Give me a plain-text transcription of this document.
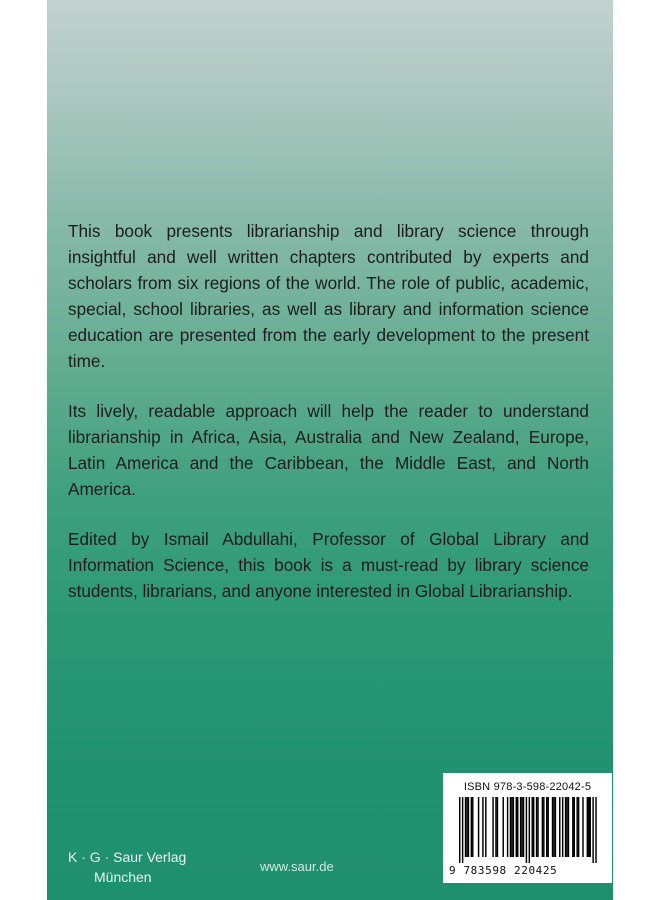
This book presents librarianship and library science through insightful and well written chapters contributed by experts and scholars from six regions of the world. The role of public, academic, special, school libraries, as well as library and information science education are presented from the early development to the present time.

Its lively, readable approach will help the reader to understand librarianship in Africa, Asia, Australia and New Zealand, Europe, Latin America and the Caribbean, the Middle East, and North America.

Edited by Ismail Abdullahi, Professor of Global Library and Information Science, this book is a must-read by library science students, librarians, and anyone interested in Global Librarianship.

K · G · Saur Verlag
München
www.saur.de
ISBN 978-3-598-22042-5
9 783598 220425
